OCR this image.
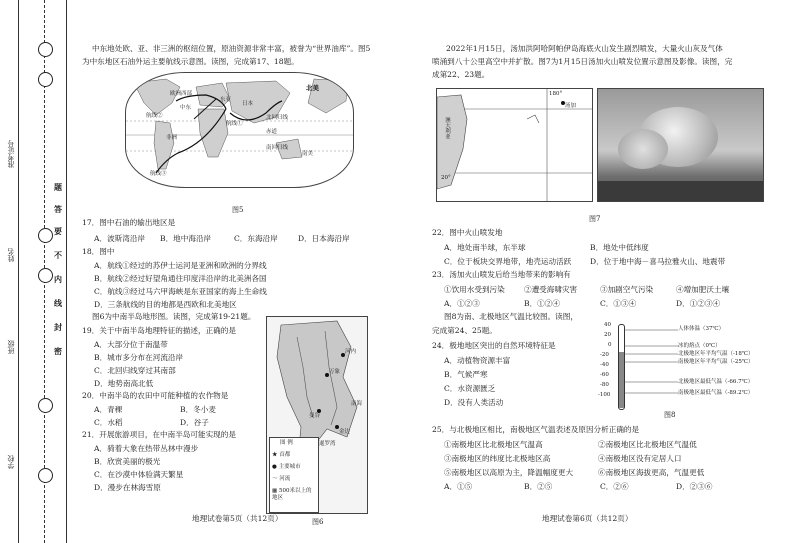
学校
班级
姓名
准考证号
题
答
要
不
内
线
封
密
中东地处欧、亚、非三洲的枢纽位置，原油资源非常丰富，被誉为“世界油库”。图5
为中东地区石油外运主要航线示意图。读图，完成第17、18题。
北美
欧洲西部
中东
东亚
日本
南美
非洲
航线①
航线②
航线③
赤道
北回归线
南回归线
图5
17．图中石油的输出地区是
A．波斯湾沿岸 B．地中海沿岸	C．东海沿岸	D．日本海沿岸
18．图中
A．航线①经过的苏伊士运河是亚洲和欧洲的分界线
B．航线②经过好望角通往印度洋沿岸的北美洲各国
C．航线③经过马六甲海峡是东亚国家的海上生命线
D．三条航线的目的地都是西欧和北美地区
图6为中南半岛地形图。读图，完成第19-21题。
19．关于中南半岛地理特征的描述，正确的是
A．大部分位于南温带
B．城市多分布在河流沿岸
C．北回归线穿过其南部
D．地势南高北低
20．中南半岛的农田中可能种植的农作物是
A．青稞	B．冬小麦
C．水稻	D．谷子
21．开展旅游项目，在中南半岛可能实现的是
A．骑着大象在热带丛林中漫步
B．欣赏美丽的极光
C．在沙漠中体验满天繁星
D．漫步在林海雪原
万象
曼谷
金边
河内
暹罗湾
南海
图 例
★ 首都
● 主要城市
～ 河流
▦ 500米以上的地区
图6
地理试卷第5页（共12页）
2022年1月15日，汤加洪阿哈阿帕伊岛海底火山发生剧烈喷发，大量火山灰及气体
喷涌到八十公里高空中并扩散。图7为1月15日汤加火山喷发位置示意图及影像。读图，完
成第22、23题。
180°
汤加
澳大利亚
20°
图7
22．图中火山喷发地
A．地处南半球，东半球	B．地处中低纬度
C．位于板块交界地带，地壳运动活跃 D．位于地中海－喜马拉雅火山、地震带
23．汤加火山喷发后给当地带来的影响有
①饮用水受到污染	②遭受海啸灾害	③加剧空气污染	④增加肥沃土壤
A．①②③	B．①②④	C．①③④	D．①②③④
图8为南、北极地区气温比较图。读图，
完成第24、25题。
24．极地地区突出的自然环境特征是
A．动植物资源丰富
B．气候严寒
C．水资源匮乏
D．没有人类活动
40
20
0
-20
-40
-60
-80
-100
人体体温（37℃）
冰的熔点（0℃）
北极地区年平均气温（-18℃）
南极地区年平均气温（-25℃）
北极地区最低气温（-66.7℃）
南极地区最低气温（-89.2℃）
图8
25．与北极地区相比，南极地区气温表述及原因分析正确的是
①南极地区比北极地区气温高	②南极地区比北极地区气温低
③南极地区的纬度比北极地区高	④南极地区没有定居人口
⑤南极地区以高原为主，降温幅度更大	⑥南极地区海拔更高，气温更低
A．①⑤	B．②⑤	C．②⑥	D．②③⑥
地理试卷第6页（共12页）
